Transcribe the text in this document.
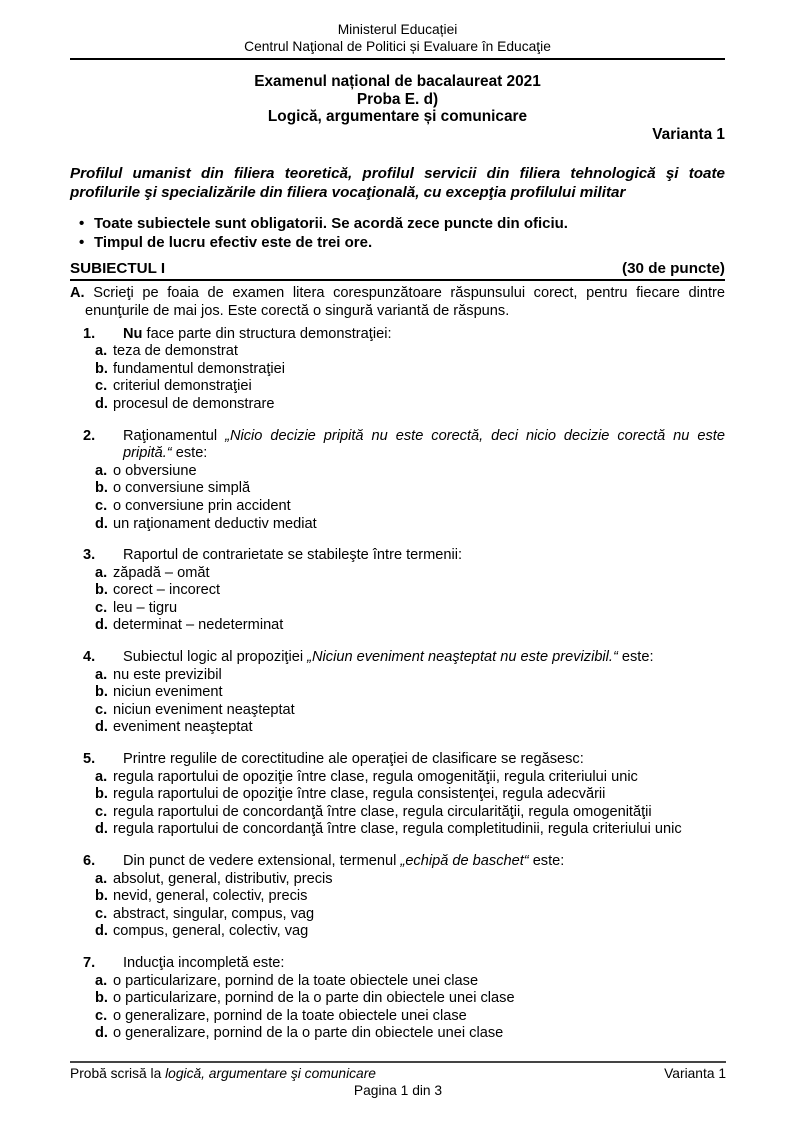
Ministerul Educației
Centrul Naţional de Politici și Evaluare în Educaţie
Examenul național de bacalaureat 2021
Proba E. d)
Logică, argumentare și comunicare
Varianta 1

Profilul umanist din filiera teoretică, profilul servicii din filiera tehnologică şi toate profilurile şi specializările din filiera vocaţională, cu excepţia profilului militar

• Toate subiectele sunt obligatorii. Se acordă zece puncte din oficiu.
• Timpul de lucru efectiv este de trei ore.
SUBIECTUL I	(30 de puncte)

A. Scrieţi pe foaia de examen litera corespunzătoare răspunsului corect, pentru fiecare dintre enunţurile de mai jos. Este corectă o singură variantă de răspuns.

1.	Nu face parte din structura demonstraţiei:
a. teza de demonstrat
b. fundamentul demonstraţiei
c. criteriul demonstraţiei
d. procesul de demonstrare
2.	Raţionamentul „Nicio decizie pripită nu este corectă, deci nicio decizie corectă nu este pripită.“ este:
a. o obversiune
b. o conversiune simplă
c. o conversiune prin accident
d. un raţionament deductiv mediat
3.	Raportul de contrarietate se stabileşte între termenii:
a. zăpadă – omăt
b. corect – incorect
c. leu – tigru
d. determinat – nedeterminat
4.	Subiectul logic al propoziţiei „Niciun eveniment neaşteptat nu este previzibil.“ este:
a. nu este previzibil
b. niciun eveniment
c. niciun eveniment neaşteptat
d. eveniment neaşteptat
5.	Printre regulile de corectitudine ale operaţiei de clasificare se regăsesc:
a. regula raportului de opoziţie între clase, regula omogenităţii, regula criteriului unic
b. regula raportului de opoziţie între clase, regula consistenţei, regula adecvării
c. regula raportului de concordanţă între clase, regula circularităţii, regula omogenităţii
d. regula raportului de concordanţă între clase, regula completitudinii, regula criteriului unic
6.	Din punct de vedere extensional, termenul „echipă de baschet“ este:
a. absolut, general, distributiv, precis
b. nevid, general, colectiv, precis
c. abstract, singular, compus, vag
d. compus, general, colectiv, vag
7.	Inducţia incompletă este:
a. o particularizare, pornind de la toate obiectele unei clase
b. o particularizare, pornind de la o parte din obiectele unei clase
c. o generalizare, pornind de la toate obiectele unei clase
d. o generalizare, pornind de la o parte din obiectele unei clase
Probă scrisă la logică, argumentare şi comunicare	Varianta 1
Pagina 1 din 3
